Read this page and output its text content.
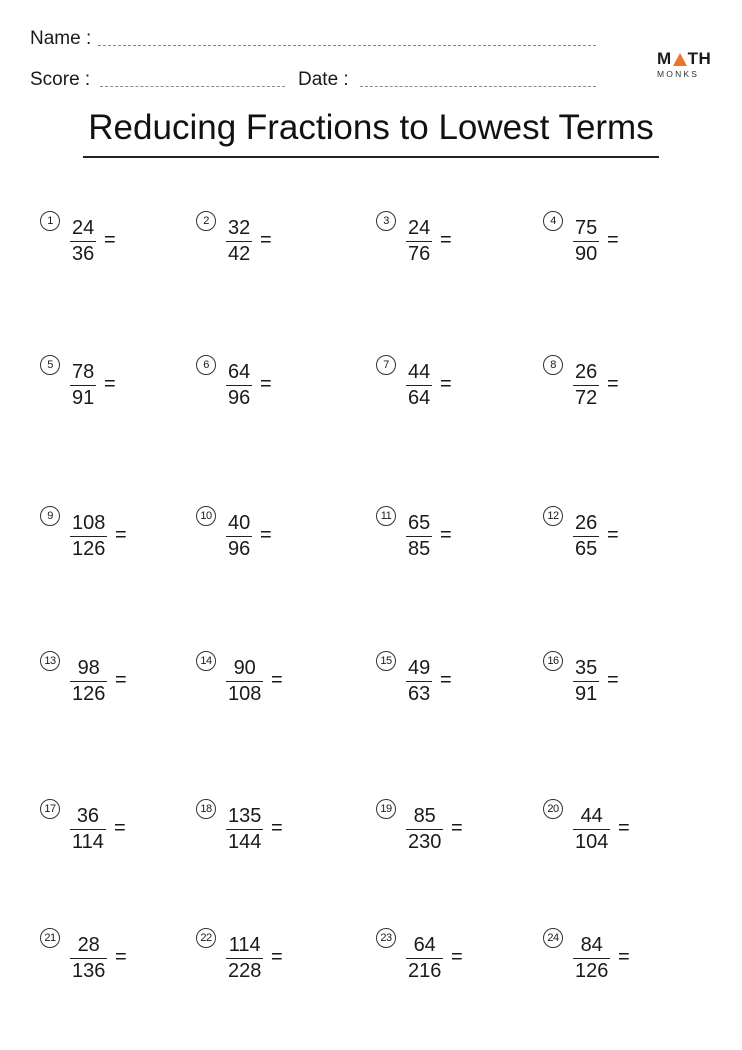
Name :
Score :	Date :
M TH
MONKS
Reducing Fractions to Lowest Terms
1 24
36
=
2 32
42
=
3 24
76
=
4 75
90
=
5 78
91
=
6 64
96
=
7 44
64
=
8 26
72
=
9 108
126
=
10 40
96
=
11 65
85
=
12 26
65
=
13 98
126
=
14 90
108
=
15 49
63
=
16 35
91
=
17 36
114
=
18 135
144
=
19 85
230
=
20 44
104
=
21 28
136
=
22 114
228
=
23 64
216
=
24 84
126
=
